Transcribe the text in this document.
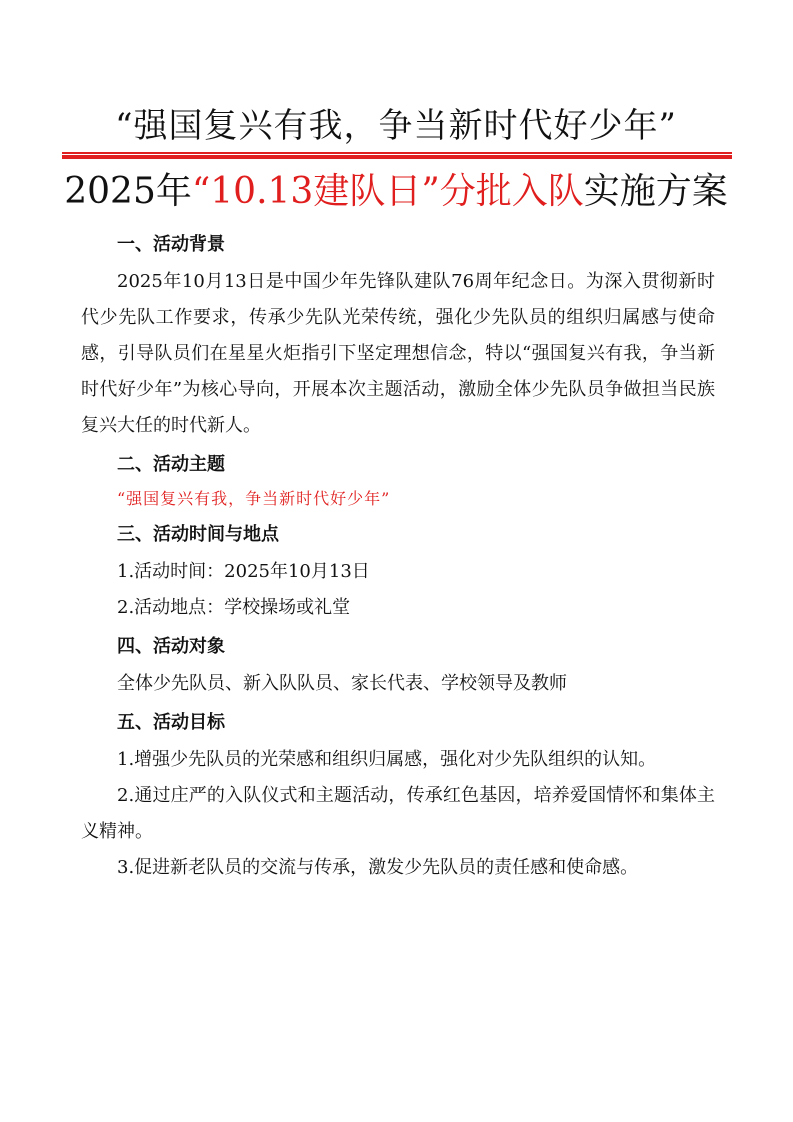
“强国复兴有我，争当新时代好少年”
2025年“10.13建队日”分批入队实施方案
一、活动背景

2025年10月13日是中国少年先锋队建队76周年纪念日。为深入贯彻新时代少先队工作要求，传承少先队光荣传统，强化少先队员的组织归属感与使命感，引导队员们在星星火炬指引下坚定理想信念，特以“强国复兴有我，争当新时代好少年”为核心导向，开展本次主题活动，激励全体少先队员争做担当民族复兴大任的时代新人。

二、活动主题

“强国复兴有我，争当新时代好少年”

三、活动时间与地点

1.活动时间：2025年10月13日

2.活动地点：学校操场或礼堂

四、活动对象

全体少先队员、新入队队员、家长代表、学校领导及教师

五、活动目标

1.增强少先队员的光荣感和组织归属感，强化对少先队组织的认知。

2.通过庄严的入队仪式和主题活动，传承红色基因，培养爱国情怀和集体主义精神。

3.促进新老队员的交流与传承，激发少先队员的责任感和使命感。
